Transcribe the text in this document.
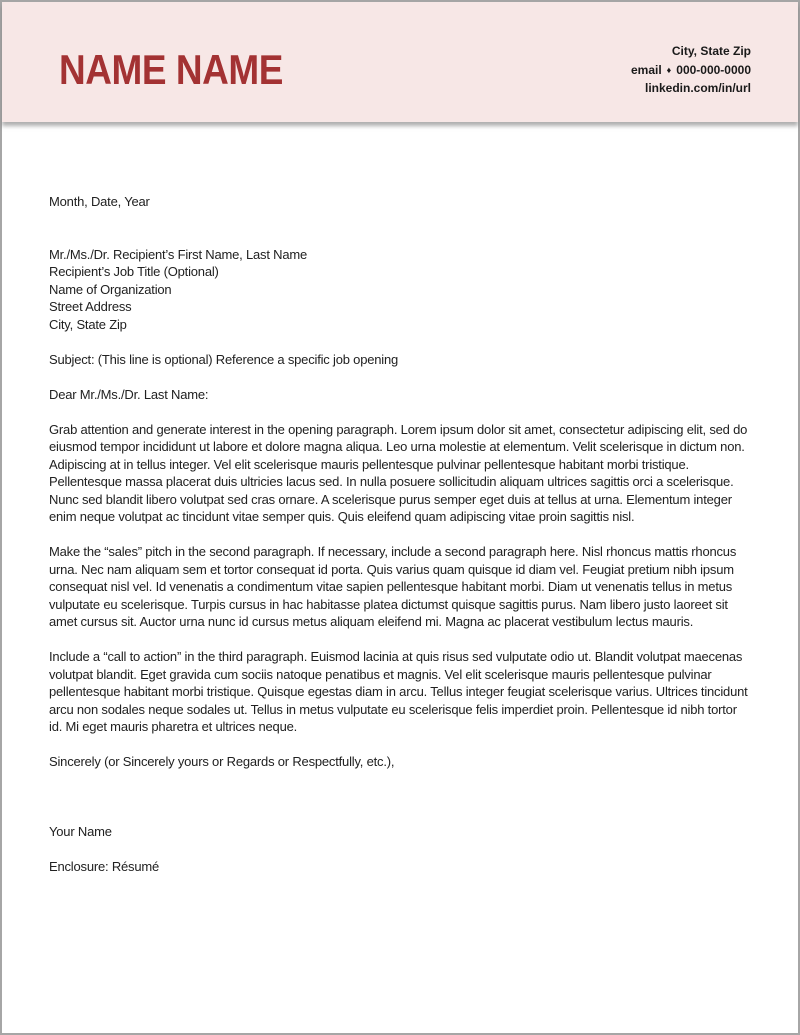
NAME NAME	City, State Zip
email ♦ 000-000-0000
linkedin.com/in/url
Month, Date, Year
Mr./Ms./Dr. Recipient’s First Name, Last Name
Recipient’s Job Title (Optional)
Name of Organization
Street Address
City, State Zip
Subject: (This line is optional) Reference a specific job opening
Dear Mr./Ms./Dr. Last Name:

Grab attention and generate interest in the opening paragraph. Lorem ipsum dolor sit amet, consectetur adipiscing elit, sed do eiusmod tempor incididunt ut labore et dolore magna aliqua. Leo urna molestie at elementum. Velit scelerisque in dictum non. Adipiscing at in tellus integer. Vel elit scelerisque mauris pellentesque pulvinar pellentesque habitant morbi tristique. Pellentesque massa placerat duis ultricies lacus sed. In nulla posuere sollicitudin aliquam ultrices sagittis orci a scelerisque. Nunc sed blandit libero volutpat sed cras ornare. A scelerisque purus semper eget duis at tellus at urna. Elementum integer enim neque volutpat ac tincidunt vitae semper quis. Quis eleifend quam adipiscing vitae proin sagittis nisl.

Make the “sales” pitch in the second paragraph. If necessary, include a second paragraph here. Nisl rhoncus mattis rhoncus urna. Nec nam aliquam sem et tortor consequat id porta. Quis varius quam quisque id diam vel. Feugiat pretium nibh ipsum consequat nisl vel. Id venenatis a condimentum vitae sapien pellentesque habitant morbi. Diam ut venenatis tellus in metus vulputate eu scelerisque. Turpis cursus in hac habitasse platea dictumst quisque sagittis purus. Nam libero justo laoreet sit amet cursus sit. Auctor urna nunc id cursus metus aliquam eleifend mi. Magna ac placerat vestibulum lectus mauris.

Include a “call to action” in the third paragraph. Euismod lacinia at quis risus sed vulputate odio ut. Blandit volutpat maecenas volutpat blandit. Eget gravida cum sociis natoque penatibus et magnis. Vel elit scelerisque mauris pellentesque pulvinar pellentesque habitant morbi tristique. Quisque egestas diam in arcu. Tellus integer feugiat scelerisque varius. Ultrices tincidunt arcu non sodales neque sodales ut. Tellus in metus vulputate eu scelerisque felis imperdiet proin. Pellentesque id nibh tortor id. Mi eget mauris pharetra et ultrices neque.

Sincerely (or Sincerely yours or Regards or Respectfully, etc.),
Your Name
Enclosure: Résumé
